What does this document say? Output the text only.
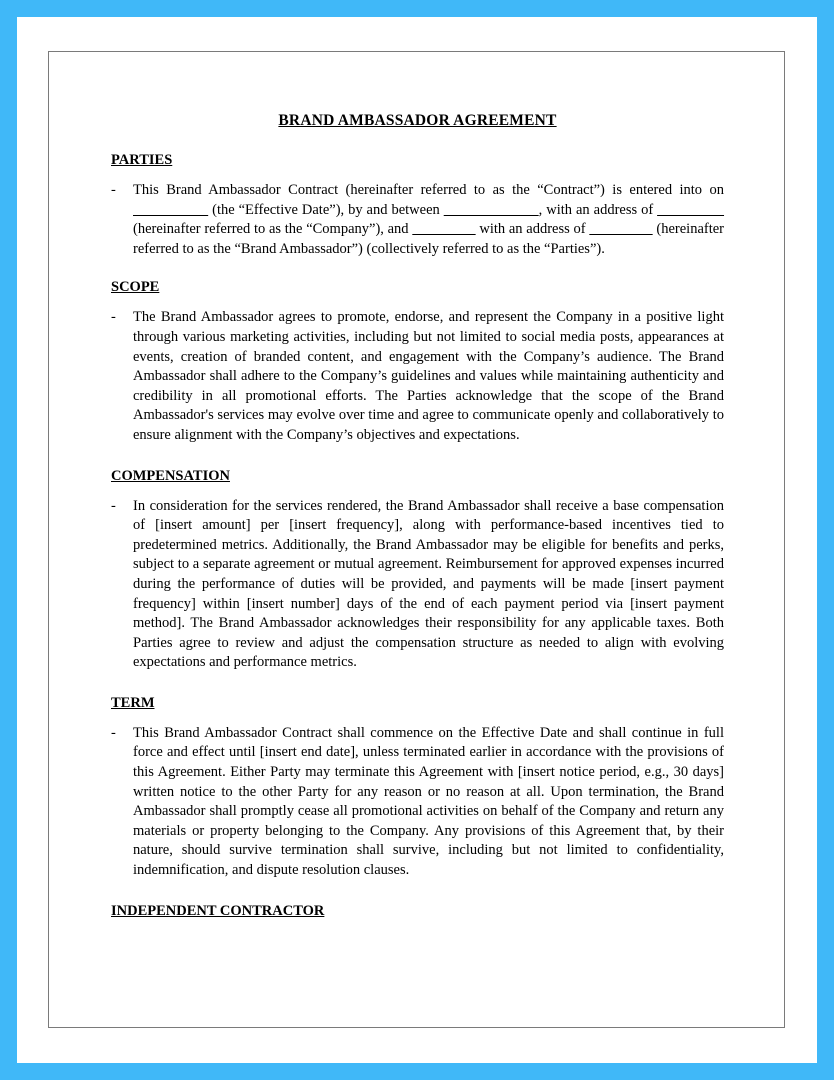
BRAND AMBASSADOR AGREEMENT
PARTIES
-	This Brand Ambassador Contract (hereinafter referred to as the “Contract”) is entered into on                     (the “Effective Date”), by and between	, with an address of                   (hereinafter referred to as the “Company”), and	with an address of	(hereinafter referred to as the “Brand Ambassador”) (collectively referred to as the “Parties”).
SCOPE
-	The Brand Ambassador agrees to promote, endorse, and represent the Company in a positive light through various marketing activities, including but not limited to social media posts, appearances at events, creation of branded content, and engagement with the Company’s audience. The Brand Ambassador shall adhere to the Company’s guidelines and values while maintaining authenticity and credibility in all promotional efforts. The Parties acknowledge that the scope of the Brand Ambassador's services may evolve over time and agree to communicate openly and collaboratively to ensure alignment with the Company’s objectives and expectations.
COMPENSATION
-	In consideration for the services rendered, the Brand Ambassador shall receive a base compensation of [insert amount] per [insert frequency], along with performance-based incentives tied to predetermined metrics. Additionally, the Brand Ambassador may be eligible for benefits and perks, subject to a separate agreement or mutual agreement. Reimbursement for approved expenses incurred during the performance of duties will be provided, and payments will be made [insert payment frequency] within [insert number] days of the end of each payment period via [insert payment method]. The Brand Ambassador acknowledges their responsibility for any applicable taxes. Both Parties agree to review and adjust the compensation structure as needed to align with evolving expectations and performance metrics.
TERM
-	This Brand Ambassador Contract shall commence on the Effective Date and shall continue in full force and effect until [insert end date], unless terminated earlier in accordance with the provisions of this Agreement. Either Party may terminate this Agreement with [insert notice period, e.g., 30 days] written notice to the other Party for any reason or no reason at all. Upon termination, the Brand Ambassador shall promptly cease all promotional activities on behalf of the Company and return any materials or property belonging to the Company. Any provisions of this Agreement that, by their nature, should survive termination shall survive, including but not limited to confidentiality, indemnification, and dispute resolution clauses.
INDEPENDENT CONTRACTOR
